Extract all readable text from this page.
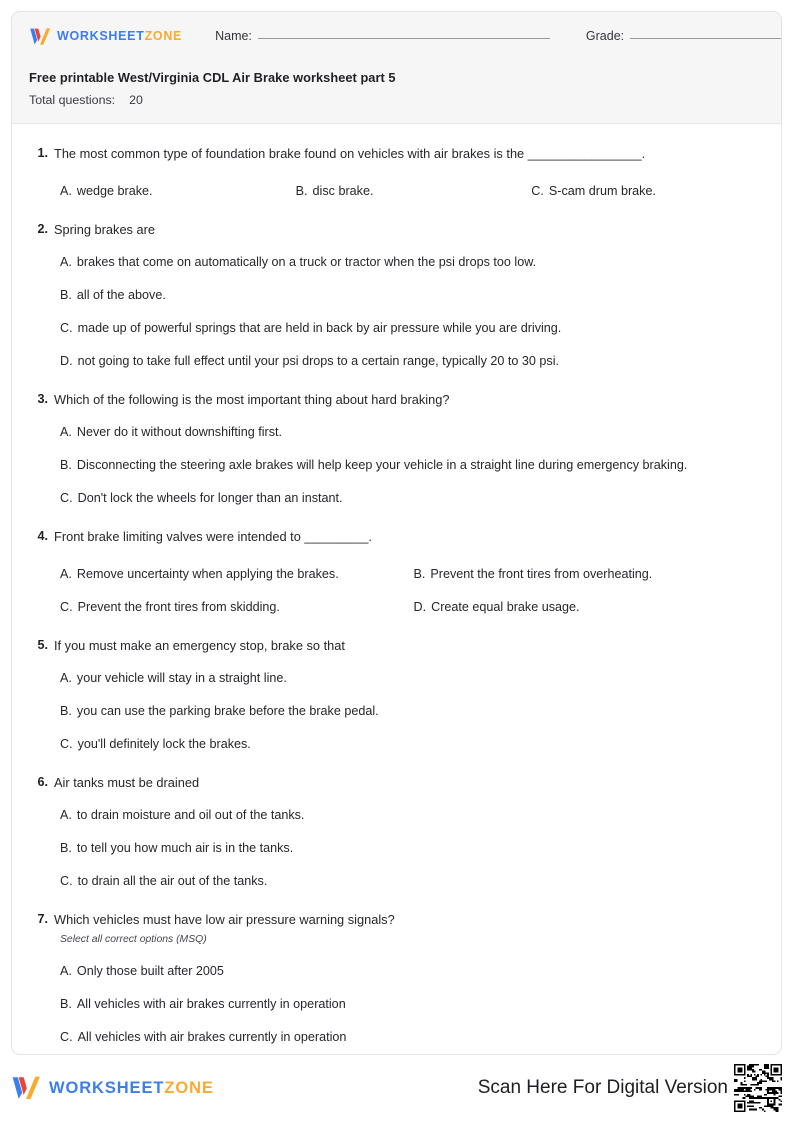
WORKSHEETZONE	Name:	Grade:
Free printable West/Virginia CDL Air Brake worksheet part 5
Total questions: 20
1. The most common type of foundation brake found on vehicles with air brakes is the ________________.
A. wedge brake.	B. disc brake.	C. S-cam drum brake.
2. Spring brakes are
A. brakes that come on automatically on a truck or tractor when the psi drops too low.
B. all of the above.
C. made up of powerful springs that are held in back by air pressure while you are driving.
D. not going to take full effect until your psi drops to a certain range, typically 20 to 30 psi.
3. Which of the following is the most important thing about hard braking?
A. Never do it without downshifting first.
B. Disconnecting the steering axle brakes will help keep your vehicle in a straight line during emergency braking.
C. Don't lock the wheels for longer than an instant.
4. Front brake limiting valves were intended to _________.
A. Remove uncertainty when applying the brakes.	B. Prevent the front tires from overheating.
C. Prevent the front tires from skidding.	D. Create equal brake usage.
5. If you must make an emergency stop, brake so that
A. your vehicle will stay in a straight line.
B. you can use the parking brake before the brake pedal.
C. you'll definitely lock the brakes.
6. Air tanks must be drained
A. to drain moisture and oil out of the tanks.
B. to tell you how much air is in the tanks.
C. to drain all the air out of the tanks.
7. Which vehicles must have low air pressure warning signals?
Select all correct options (MSQ)
A. Only those built after 2005
B. All vehicles with air brakes currently in operation
C. All vehicles with air brakes currently in operation
WORKSHEETZONE	Scan Here For Digital Version
